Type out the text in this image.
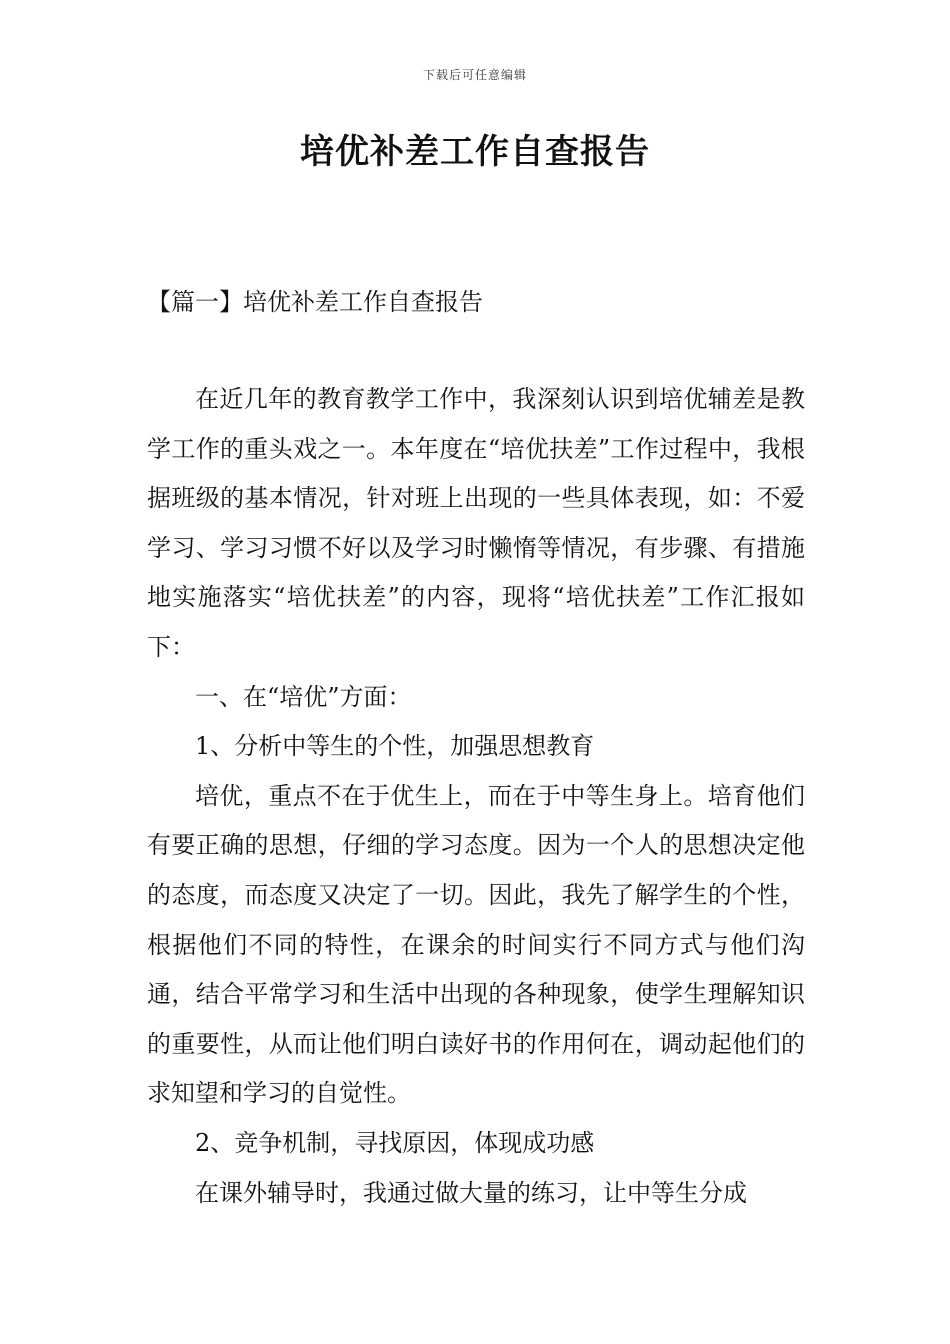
下载后可任意编辑
培优补差工作自查报告
【篇一】培优补差工作自查报告

在近几年的教育教学工作中，我深刻认识到培优辅差是教学工作的重头戏之一。本年度在“培优扶差”工作过程中，我根据班级的基本情况，针对班上出现的一些具体表现，如：不爱学习、学习习惯不好以及学习时懒惰等情况，有步骤、有措施地实施落实“培优扶差”的内容，现将“培优扶差”工作汇报如下：

一、在“培优”方面：

1、分析中等生的个性，加强思想教育

培优，重点不在于优生上，而在于中等生身上。培育他们有要正确的思想，仔细的学习态度。因为一个人的思想决定他的态度，而态度又决定了一切。因此，我先了解学生的个性，根据他们不同的特性，在课余的时间实行不同方式与他们沟通，结合平常学习和生活中出现的各种现象，使学生理解知识的重要性，从而让他们明白读好书的作用何在，调动起他们的求知望和学习的自觉性。

2、竞争机制，寻找原因，体现成功感

在课外辅导时，我通过做大量的练习，让中等生分成
